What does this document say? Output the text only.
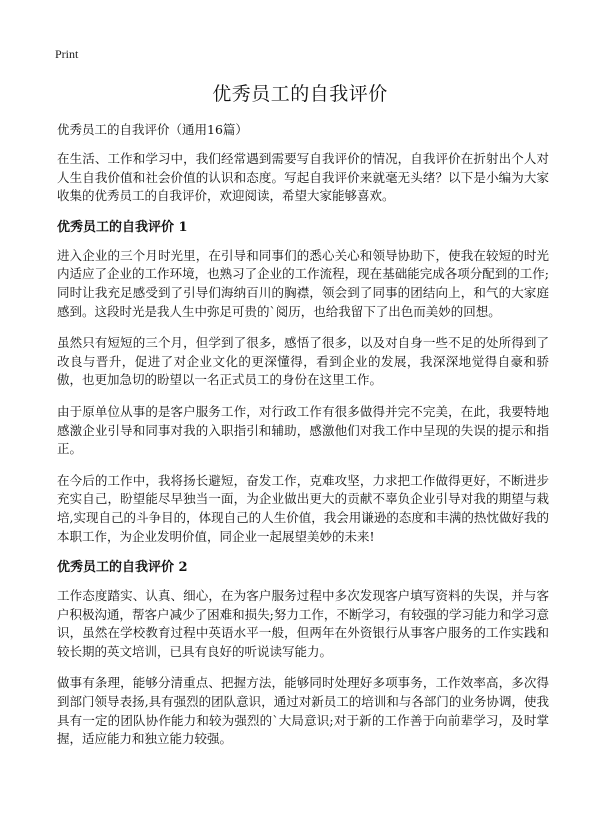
Print
优秀员工的自我评价
优秀员工的自我评价（通用16篇）

在生活、工作和学习中，我们经常遇到需要写自我评价的情况，自我评价在折射出个人对人生自我价值和社会价值的认识和态度。写起自我评价来就毫无头绪？以下是小编为大家收集的优秀员工的自我评价，欢迎阅读，希望大家能够喜欢。

优秀员工的自我评价 1

进入企业的三个月时光里，在引导和同事们的悉心关心和领导协助下，使我在较短的时光内适应了企业的工作环境，也熟习了企业的工作流程，现在基础能完成各项分配到的工作;同时让我充足感受到了引导们海纳百川的胸襟，领会到了同事的团结向上，和气的大家庭感到。这段时光是我人生中弥足可贵的`阅历，也给我留下了出色而美妙的回想。

虽然只有短短的三个月，但学到了很多，感悟了很多，以及对自身一些不足的处所得到了改良与晋升，促进了对企业文化的更深懂得，看到企业的发展，我深深地觉得自豪和骄傲，也更加急切的盼望以一名正式员工的身份在这里工作。

由于原单位从事的是客户服务工作，对行政工作有很多做得并完不完美，在此，我要特地感激企业引导和同事对我的入职指引和辅助，感激他们对我工作中呈现的失误的提示和指正。

在今后的工作中，我将扬长避短，奋发工作，克难攻坚，力求把工作做得更好，不断进步充实自己，盼望能尽早独当一面，为企业做出更大的贡献不辜负企业引导对我的期望与栽培,实现自己的斗争目的，体现自己的人生价值，我会用谦逊的态度和丰满的热忱做好我的本职工作，为企业发明价值，同企业一起展望美妙的未来!

优秀员工的自我评价 2

工作态度踏实、认真、细心，在为客户服务过程中多次发现客户填写资料的失误，并与客户积极沟通，帮客户减少了困难和损失;努力工作，不断学习，有较强的学习能力和学习意识，虽然在学校教育过程中英语水平一般，但两年在外资银行从事客户服务的工作实践和较长期的英文培训，已具有良好的听说读写能力。

做事有条理，能够分清重点、把握方法，能够同时处理好多项事务，工作效率高，多次得到部门领导表扬,具有强烈的团队意识，通过对新员工的培训和与各部门的业务协调，使我具有一定的团队协作能力和较为强烈的`大局意识;对于新的工作善于向前辈学习，及时掌握，适应能力和独立能力较强。
